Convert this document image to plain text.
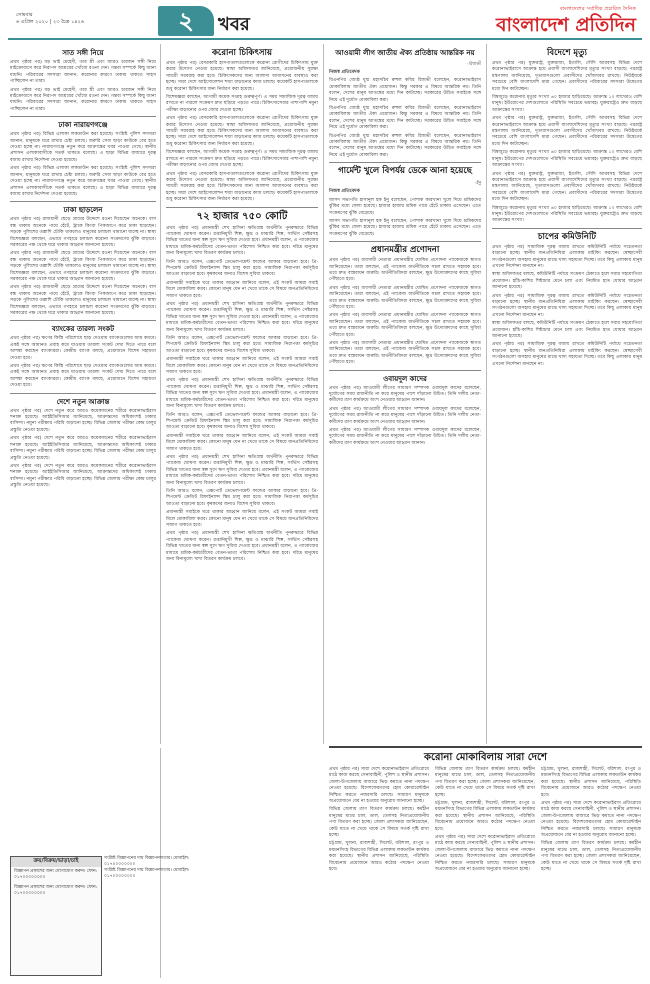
সোমবার
৬ এপ্রিল ২০২০ | ২৩ চৈত্র ১৪২৬	২	খবর
বাংলাদেশের সর্বাধিক প্রচারিত দৈনিক
বাংলাদেশ প্রতিদিন
সাত সঙ্গী নিয়ে

প্রথম পৃষ্ঠার পর) বড় ভাই মেহেদী, তার স্ত্রী এবং আরও চারজন সঙ্গী নিয়ে মাইক্রোবাসে করে নিরাপদ আশ্রয়ের খোঁজে রওনা দেন। গন্তব্য সম্পর্কে কিছু জানা যায়নি। পরিবারের সদস্যরা জানান, করোনার কারণে ঢাকায় থাকতে সাহস পাচ্ছিলেন না তারা।

প্রথম পৃষ্ঠার পর) বড় ভাই মেহেদী, তার স্ত্রী এবং আরও চারজন সঙ্গী নিয়ে মাইক্রোবাসে করে নিরাপদ আশ্রয়ের খোঁজে রওনা দেন। গন্তব্য সম্পর্কে কিছু জানা যায়নি। পরিবারের সদস্যরা জানান, করোনার কারণে ঢাকায় থাকতে সাহস পাচ্ছিলেন না তারা।

ঢাকা নারায়ণগঞ্জে

প্রথম পৃষ্ঠার পর) বিভিন্ন এলাকা লকডাউন করা হয়েছে। সংশ্লিষ্ট পুলিশ সদস্যরা জানান, মানুষকে ঘরে রাখার চেষ্টা চলছে। জরুরি সেবা ছাড়া কাউকে বের হতে দেওয়া হচ্ছে না। নারায়ণগঞ্জে নতুন করে আক্রান্তের খবর পাওয়া গেছে। স্থানীয় প্রশাসন এলাকাবাসীকে সতর্ক থাকতে বলেছে। এ ছাড়া বিভিন্ন বাজারে দূরত্ব বজায় রাখার নির্দেশনা দেওয়া হয়েছে।

প্রথম পৃষ্ঠার পর) বিভিন্ন এলাকা লকডাউন করা হয়েছে। সংশ্লিষ্ট পুলিশ সদস্যরা জানান, মানুষকে ঘরে রাখার চেষ্টা চলছে। জরুরি সেবা ছাড়া কাউকে বের হতে দেওয়া হচ্ছে না। নারায়ণগঞ্জে নতুন করে আক্রান্তের খবর পাওয়া গেছে। স্থানীয় প্রশাসন এলাকাবাসীকে সতর্ক থাকতে বলেছে। এ ছাড়া বিভিন্ন বাজারে দূরত্ব বজায় রাখার নির্দেশনা দেওয়া হয়েছে।

ঢাকা ছাড়লেন

প্রথম পৃষ্ঠার পর) রাজধানী ছেড়ে গ্রামের উদ্দেশে রওনা দিয়েছেন অনেকে। বাস বন্ধ থাকায় অনেকে পায়ে হেঁটে, ট্রাকে কিংবা পিকআপে করে ঢাকা ছাড়ছেন। সড়কে পুলিশের তল্লাশি চৌকি থাকলেও মানুষের চলাচল থামানো যাচ্ছে না। স্বাস্থ্য বিশেষজ্ঞরা বলছেন, এভাবে গণহারে চলাচল করোনা সংক্রমণের ঝুঁকি বাড়াবে। সরকারের পক্ষ থেকে ঘরে থাকার আহ্বান জানানো হয়েছে।

প্রথম পৃষ্ঠার পর) রাজধানী ছেড়ে গ্রামের উদ্দেশে রওনা দিয়েছেন অনেকে। বাস বন্ধ থাকায় অনেকে পায়ে হেঁটে, ট্রাকে কিংবা পিকআপে করে ঢাকা ছাড়ছেন। সড়কে পুলিশের তল্লাশি চৌকি থাকলেও মানুষের চলাচল থামানো যাচ্ছে না। স্বাস্থ্য বিশেষজ্ঞরা বলছেন, এভাবে গণহারে চলাচল করোনা সংক্রমণের ঝুঁকি বাড়াবে। সরকারের পক্ষ থেকে ঘরে থাকার আহ্বান জানানো হয়েছে।

প্রথম পৃষ্ঠার পর) রাজধানী ছেড়ে গ্রামের উদ্দেশে রওনা দিয়েছেন অনেকে। বাস বন্ধ থাকায় অনেকে পায়ে হেঁটে, ট্রাকে কিংবা পিকআপে করে ঢাকা ছাড়ছেন। সড়কে পুলিশের তল্লাশি চৌকি থাকলেও মানুষের চলাচল থামানো যাচ্ছে না। স্বাস্থ্য বিশেষজ্ঞরা বলছেন, এভাবে গণহারে চলাচল করোনা সংক্রমণের ঝুঁকি বাড়াবে। সরকারের পক্ষ থেকে ঘরে থাকার আহ্বান জানানো হয়েছে।

ব্যাংকের তারল্য সংকট

প্রথম পৃষ্ঠার পর) ঋণের কিস্তি পরিশোধে ছাড় দেওয়ায় ব্যাংকগুলোর আয় কমবে। একই সঙ্গে আমানত প্রবাহ কমে যাওয়ায় তারল্য সংকট দেখা দিতে পারে বলে আশঙ্কা করছেন ব্যাংকাররা। কেন্দ্রীয় ব্যাংক বলছে, প্রয়োজনে বিশেষ সহায়তা দেওয়া হবে।

প্রথম পৃষ্ঠার পর) ঋণের কিস্তি পরিশোধে ছাড় দেওয়ায় ব্যাংকগুলোর আয় কমবে। একই সঙ্গে আমানত প্রবাহ কমে যাওয়ায় তারল্য সংকট দেখা দিতে পারে বলে আশঙ্কা করছেন ব্যাংকাররা। কেন্দ্রীয় ব্যাংক বলছে, প্রয়োজনে বিশেষ সহায়তা দেওয়া হবে।

দেশে নতুন আক্রান্ত

প্রথম পৃষ্ঠার পর) দেশে নতুন করে আরও কয়েকজনের শরীরে করোনাভাইরাস শনাক্ত হয়েছে। আইইডিসিআর জানিয়েছে, আক্রান্তদের অধিকাংশই ঢাকার বাসিন্দা। নমুনা পরীক্ষার পরিধি বাড়ানো হচ্ছে। বিভিন্ন জেলায় পরীক্ষা কেন্দ্র চালুর প্রস্তুতি নেওয়া হয়েছে।

প্রথম পৃষ্ঠার পর) দেশে নতুন করে আরও কয়েকজনের শরীরে করোনাভাইরাস শনাক্ত হয়েছে। আইইডিসিআর জানিয়েছে, আক্রান্তদের অধিকাংশই ঢাকার বাসিন্দা। নমুনা পরীক্ষার পরিধি বাড়ানো হচ্ছে। বিভিন্ন জেলায় পরীক্ষা কেন্দ্র চালুর প্রস্তুতি নেওয়া হয়েছে।

প্রথম পৃষ্ঠার পর) দেশে নতুন করে আরও কয়েকজনের শরীরে করোনাভাইরাস শনাক্ত হয়েছে। আইইডিসিআর জানিয়েছে, আক্রান্তদের অধিকাংশই ঢাকার বাসিন্দা। নমুনা পরীক্ষার পরিধি বাড়ানো হচ্ছে। বিভিন্ন জেলায় পরীক্ষা কেন্দ্র চালুর প্রস্তুতি নেওয়া হয়েছে।

ক্রয়/বিক্রয়/ভাড়া/চাই
বিজ্ঞাপন প্রকাশের জন্য যোগাযোগ করুন। ফোন: ০১৭০০০০০০০০
বিজ্ঞাপন প্রকাশের জন্য যোগাযোগ করুন। ফোন: ০১৭০০০০০০০০
সংশ্লিষ্ট বিজ্ঞাপনের দায় বিজ্ঞাপনদাতার। মোবাইল: ০১৭০০০০০০০০
সংশ্লিষ্ট বিজ্ঞাপনের দায় বিজ্ঞাপনদাতার। মোবাইল: ০১৭০০০০০০০০
করোনা চিকিৎসায়

প্রথম পৃষ্ঠার পর) বেসরকারি হাসপাতালগুলোকে করোনা রোগীদের চিকিৎসায় যুক্ত করার উদ্যোগ নেওয়া হয়েছে। স্বাস্থ্য অধিদফতর জানিয়েছে, প্রয়োজনীয় সুরক্ষা সামগ্রী সরবরাহ করা হবে। চিকিৎসকদের জন্য আলাদা আবাসনের ব্যবস্থাও করা হচ্ছে। সারা দেশে আইসোলেশন শয্যা বাড়ানোর কাজ চলছে। কয়েকটি হাসপাতালকে শুধু করোনা চিকিৎসার জন্য নির্ধারণ করা হয়েছে।

বিশেষজ্ঞরা বলছেন, আগামী কয়েক সপ্তাহ গুরুত্বপূর্ণ। এ সময় সামাজিক দূরত্ব বজায় রাখতে না পারলে সংক্রমণ দ্রুত ছড়িয়ে পড়তে পারে। চিকিৎসাসেবার পাশাপাশি নমুনা পরীক্ষা বাড়ানোর ওপর জোর দেওয়া হচ্ছে।

প্রথম পৃষ্ঠার পর) বেসরকারি হাসপাতালগুলোকে করোনা রোগীদের চিকিৎসায় যুক্ত করার উদ্যোগ নেওয়া হয়েছে। স্বাস্থ্য অধিদফতর জানিয়েছে, প্রয়োজনীয় সুরক্ষা সামগ্রী সরবরাহ করা হবে। চিকিৎসকদের জন্য আলাদা আবাসনের ব্যবস্থাও করা হচ্ছে। সারা দেশে আইসোলেশন শয্যা বাড়ানোর কাজ চলছে। কয়েকটি হাসপাতালকে শুধু করোনা চিকিৎসার জন্য নির্ধারণ করা হয়েছে।

বিশেষজ্ঞরা বলছেন, আগামী কয়েক সপ্তাহ গুরুত্বপূর্ণ। এ সময় সামাজিক দূরত্ব বজায় রাখতে না পারলে সংক্রমণ দ্রুত ছড়িয়ে পড়তে পারে। চিকিৎসাসেবার পাশাপাশি নমুনা পরীক্ষা বাড়ানোর ওপর জোর দেওয়া হচ্ছে।

প্রথম পৃষ্ঠার পর) বেসরকারি হাসপাতালগুলোকে করোনা রোগীদের চিকিৎসায় যুক্ত করার উদ্যোগ নেওয়া হয়েছে। স্বাস্থ্য অধিদফতর জানিয়েছে, প্রয়োজনীয় সুরক্ষা সামগ্রী সরবরাহ করা হবে। চিকিৎসকদের জন্য আলাদা আবাসনের ব্যবস্থাও করা হচ্ছে। সারা দেশে আইসোলেশন শয্যা বাড়ানোর কাজ চলছে। কয়েকটি হাসপাতালকে শুধু করোনা চিকিৎসার জন্য নির্ধারণ করা হয়েছে।

৭২ হাজার ৭৫০ কোটি

প্রথম পৃষ্ঠার পর) প্রধানমন্ত্রী শেখ হাসিনা ক্ষতিগ্রস্ত অর্থনীতি পুনরুদ্ধারে বিভিন্ন প্যাকেজ ঘোষণা করেন। রপ্তানিমুখী শিল্প, ক্ষুদ্র ও মাঝারি শিল্প, সার্ভিস সেক্টরসহ বিভিন্ন খাতের জন্য স্বল্প সুদে ঋণ সুবিধা দেওয়া হবে। প্রধানমন্ত্রী বলেন, এ প্যাকেজের মাধ্যমে শ্রমিক-কর্মচারীদের বেতন-ভাতা পরিশোধ নিশ্চিত করা হবে। দরিদ্র মানুষের জন্য বিনামূল্যে খাদ্য বিতরণ কার্যক্রম চলবে।

তিনি আরও বলেন, এক্সপোর্ট ডেভেলপমেন্ট ফান্ডের আকার বাড়ানো হবে। প্রি-শিপমেন্ট ক্রেডিট রিফাইন্যান্স স্কিম চালু করা হবে। সামাজিক নিরাপত্তা কর্মসূচির আওতা বাড়ানো হবে। কৃষকদের জন্যও বিশেষ সুবিধা থাকবে।

প্রধানমন্ত্রী সবাইকে ঘরে থাকার আহ্বান জানিয়ে বলেন, এই সংকট আমরা সবাই মিলে মোকাবিলা করব। কোনো মানুষ যেন না খেয়ে থাকে সে বিষয়ে জনপ্রতিনিধিদের সজাগ থাকতে হবে।

প্রথম পৃষ্ঠার পর) প্রধানমন্ত্রী শেখ হাসিনা ক্ষতিগ্রস্ত অর্থনীতি পুনরুদ্ধারে বিভিন্ন প্যাকেজ ঘোষণা করেন। রপ্তানিমুখী শিল্প, ক্ষুদ্র ও মাঝারি শিল্প, সার্ভিস সেক্টরসহ বিভিন্ন খাতের জন্য স্বল্প সুদে ঋণ সুবিধা দেওয়া হবে। প্রধানমন্ত্রী বলেন, এ প্যাকেজের মাধ্যমে শ্রমিক-কর্মচারীদের বেতন-ভাতা পরিশোধ নিশ্চিত করা হবে। দরিদ্র মানুষের জন্য বিনামূল্যে খাদ্য বিতরণ কার্যক্রম চলবে।

তিনি আরও বলেন, এক্সপোর্ট ডেভেলপমেন্ট ফান্ডের আকার বাড়ানো হবে। প্রি-শিপমেন্ট ক্রেডিট রিফাইন্যান্স স্কিম চালু করা হবে। সামাজিক নিরাপত্তা কর্মসূচির আওতা বাড়ানো হবে। কৃষকদের জন্যও বিশেষ সুবিধা থাকবে।

প্রধানমন্ত্রী সবাইকে ঘরে থাকার আহ্বান জানিয়ে বলেন, এই সংকট আমরা সবাই মিলে মোকাবিলা করব। কোনো মানুষ যেন না খেয়ে থাকে সে বিষয়ে জনপ্রতিনিধিদের সজাগ থাকতে হবে।

প্রথম পৃষ্ঠার পর) প্রধানমন্ত্রী শেখ হাসিনা ক্ষতিগ্রস্ত অর্থনীতি পুনরুদ্ধারে বিভিন্ন প্যাকেজ ঘোষণা করেন। রপ্তানিমুখী শিল্প, ক্ষুদ্র ও মাঝারি শিল্প, সার্ভিস সেক্টরসহ বিভিন্ন খাতের জন্য স্বল্প সুদে ঋণ সুবিধা দেওয়া হবে। প্রধানমন্ত্রী বলেন, এ প্যাকেজের মাধ্যমে শ্রমিক-কর্মচারীদের বেতন-ভাতা পরিশোধ নিশ্চিত করা হবে। দরিদ্র মানুষের জন্য বিনামূল্যে খাদ্য বিতরণ কার্যক্রম চলবে।

তিনি আরও বলেন, এক্সপোর্ট ডেভেলপমেন্ট ফান্ডের আকার বাড়ানো হবে। প্রি-শিপমেন্ট ক্রেডিট রিফাইন্যান্স স্কিম চালু করা হবে। সামাজিক নিরাপত্তা কর্মসূচির আওতা বাড়ানো হবে। কৃষকদের জন্যও বিশেষ সুবিধা থাকবে।

প্রধানমন্ত্রী সবাইকে ঘরে থাকার আহ্বান জানিয়ে বলেন, এই সংকট আমরা সবাই মিলে মোকাবিলা করব। কোনো মানুষ যেন না খেয়ে থাকে সে বিষয়ে জনপ্রতিনিধিদের সজাগ থাকতে হবে।

প্রথম পৃষ্ঠার পর) প্রধানমন্ত্রী শেখ হাসিনা ক্ষতিগ্রস্ত অর্থনীতি পুনরুদ্ধারে বিভিন্ন প্যাকেজ ঘোষণা করেন। রপ্তানিমুখী শিল্প, ক্ষুদ্র ও মাঝারি শিল্প, সার্ভিস সেক্টরসহ বিভিন্ন খাতের জন্য স্বল্প সুদে ঋণ সুবিধা দেওয়া হবে। প্রধানমন্ত্রী বলেন, এ প্যাকেজের মাধ্যমে শ্রমিক-কর্মচারীদের বেতন-ভাতা পরিশোধ নিশ্চিত করা হবে। দরিদ্র মানুষের জন্য বিনামূল্যে খাদ্য বিতরণ কার্যক্রম চলবে।

তিনি আরও বলেন, এক্সপোর্ট ডেভেলপমেন্ট ফান্ডের আকার বাড়ানো হবে। প্রি-শিপমেন্ট ক্রেডিট রিফাইন্যান্স স্কিম চালু করা হবে। সামাজিক নিরাপত্তা কর্মসূচির আওতা বাড়ানো হবে। কৃষকদের জন্যও বিশেষ সুবিধা থাকবে।

প্রধানমন্ত্রী সবাইকে ঘরে থাকার আহ্বান জানিয়ে বলেন, এই সংকট আমরা সবাই মিলে মোকাবিলা করব। কোনো মানুষ যেন না খেয়ে থাকে সে বিষয়ে জনপ্রতিনিধিদের সজাগ থাকতে হবে।

প্রথম পৃষ্ঠার পর) প্রধানমন্ত্রী শেখ হাসিনা ক্ষতিগ্রস্ত অর্থনীতি পুনরুদ্ধারে বিভিন্ন প্যাকেজ ঘোষণা করেন। রপ্তানিমুখী শিল্প, ক্ষুদ্র ও মাঝারি শিল্প, সার্ভিস সেক্টরসহ বিভিন্ন খাতের জন্য স্বল্প সুদে ঋণ সুবিধা দেওয়া হবে। প্রধানমন্ত্রী বলেন, এ প্যাকেজের মাধ্যমে শ্রমিক-কর্মচারীদের বেতন-ভাতা পরিশোধ নিশ্চিত করা হবে। দরিদ্র মানুষের জন্য বিনামূল্যে খাদ্য বিতরণ কার্যক্রম চলবে।

আওয়ামী লীগ জাতীয় ঐক্য প্রতিষ্ঠায় আন্তরিক নয়
-রিজভী
নিজস্ব প্রতিবেদক

বিএনপির জ্যেষ্ঠ যুগ্ম মহাসচিব রুহুল কবির রিজভী বলেছেন, করোনাভাইরাস মোকাবিলায় জাতীয় ঐক্য প্রয়োজন। কিন্তু সরকার এ বিষয়ে আন্তরিক নয়। তিনি বলেন, দেশের মানুষ আতঙ্কের মধ্যে দিন কাটাচ্ছে। সরকারের উচিত সবাইকে সঙ্গে নিয়ে এই দুর্যোগ মোকাবিলা করা।

বিএনপির জ্যেষ্ঠ যুগ্ম মহাসচিব রুহুল কবির রিজভী বলেছেন, করোনাভাইরাস মোকাবিলায় জাতীয় ঐক্য প্রয়োজন। কিন্তু সরকার এ বিষয়ে আন্তরিক নয়। তিনি বলেন, দেশের মানুষ আতঙ্কের মধ্যে দিন কাটাচ্ছে। সরকারের উচিত সবাইকে সঙ্গে নিয়ে এই দুর্যোগ মোকাবিলা করা।

বিএনপির জ্যেষ্ঠ যুগ্ম মহাসচিব রুহুল কবির রিজভী বলেছেন, করোনাভাইরাস মোকাবিলায় জাতীয় ঐক্য প্রয়োজন। কিন্তু সরকার এ বিষয়ে আন্তরিক নয়। তিনি বলেন, দেশের মানুষ আতঙ্কের মধ্যে দিন কাটাচ্ছে। সরকারের উচিত সবাইকে সঙ্গে নিয়ে এই দুর্যোগ মোকাবিলা করা।

গার্মেন্ট খুলে বিপর্যয় ডেকে আনা হয়েছে
-ইনু
নিজস্ব প্রতিবেদক

জাসদ সভাপতি হাসানুল হক ইনু বলেছেন, পোশাক কারখানা খুলে দিয়ে শ্রমিকদের ঝুঁকির মধ্যে ফেলা হয়েছে। হাজার হাজার শ্রমিক পায়ে হেঁটে ঢাকায় এসেছেন। এতে সংক্রমণের ঝুঁকি বেড়েছে।

জাসদ সভাপতি হাসানুল হক ইনু বলেছেন, পোশাক কারখানা খুলে দিয়ে শ্রমিকদের ঝুঁকির মধ্যে ফেলা হয়েছে। হাজার হাজার শ্রমিক পায়ে হেঁটে ঢাকায় এসেছেন। এতে সংক্রমণের ঝুঁকি বেড়েছে।

প্রধানমন্ত্রীর প্রণোদনা

প্রথম পৃষ্ঠার পর) ব্যবসায়ী নেতারা প্রধানমন্ত্রীর ঘোষিত প্রণোদনা প্যাকেজকে স্বাগত জানিয়েছেন। তারা বলছেন, এই প্যাকেজ অর্থনীতিকে সচল রাখতে সহায়ক হবে। তবে দ্রুত বাস্তবায়ন জরুরি। অর্থনীতিবিদরা বলছেন, ক্ষুদ্র উদ্যোক্তাদের কাছে সুবিধা পৌঁছাতে হবে।

প্রথম পৃষ্ঠার পর) ব্যবসায়ী নেতারা প্রধানমন্ত্রীর ঘোষিত প্রণোদনা প্যাকেজকে স্বাগত জানিয়েছেন। তারা বলছেন, এই প্যাকেজ অর্থনীতিকে সচল রাখতে সহায়ক হবে। তবে দ্রুত বাস্তবায়ন জরুরি। অর্থনীতিবিদরা বলছেন, ক্ষুদ্র উদ্যোক্তাদের কাছে সুবিধা পৌঁছাতে হবে।

প্রথম পৃষ্ঠার পর) ব্যবসায়ী নেতারা প্রধানমন্ত্রীর ঘোষিত প্রণোদনা প্যাকেজকে স্বাগত জানিয়েছেন। তারা বলছেন, এই প্যাকেজ অর্থনীতিকে সচল রাখতে সহায়ক হবে। তবে দ্রুত বাস্তবায়ন জরুরি। অর্থনীতিবিদরা বলছেন, ক্ষুদ্র উদ্যোক্তাদের কাছে সুবিধা পৌঁছাতে হবে।

প্রথম পৃষ্ঠার পর) ব্যবসায়ী নেতারা প্রধানমন্ত্রীর ঘোষিত প্রণোদনা প্যাকেজকে স্বাগত জানিয়েছেন। তারা বলছেন, এই প্যাকেজ অর্থনীতিকে সচল রাখতে সহায়ক হবে। তবে দ্রুত বাস্তবায়ন জরুরি। অর্থনীতিবিদরা বলছেন, ক্ষুদ্র উদ্যোক্তাদের কাছে সুবিধা পৌঁছাতে হবে।

ওবায়দুল কাদের

প্রথম পৃষ্ঠার পর) আওয়ামী লীগের সাধারণ সম্পাদক ওবায়দুল কাদের বলেছেন, দুর্যোগের সময় রাজনীতি না করে মানুষের পাশে দাঁড়ানো উচিত। তিনি দলীয় নেতা-কর্মীদের ত্রাণ কার্যক্রমে অংশ নেওয়ার আহ্বান জানান।

প্রথম পৃষ্ঠার পর) আওয়ামী লীগের সাধারণ সম্পাদক ওবায়দুল কাদের বলেছেন, দুর্যোগের সময় রাজনীতি না করে মানুষের পাশে দাঁড়ানো উচিত। তিনি দলীয় নেতা-কর্মীদের ত্রাণ কার্যক্রমে অংশ নেওয়ার আহ্বান জানান।

প্রথম পৃষ্ঠার পর) আওয়ামী লীগের সাধারণ সম্পাদক ওবায়দুল কাদের বলেছেন, দুর্যোগের সময় রাজনীতি না করে মানুষের পাশে দাঁড়ানো উচিত। তিনি দলীয় নেতা-কর্মীদের ত্রাণ কার্যক্রমে অংশ নেওয়ার আহ্বান জানান।

বিদেশে মৃত্যু

প্রথম পৃষ্ঠার পর) যুক্তরাষ্ট্র, যুক্তরাজ্য, ইতালি, সৌদি আরবসহ বিভিন্ন দেশে করোনাভাইরাসে আক্রান্ত হয়ে প্রবাসী বাংলাদেশিদের মৃত্যুর সংখ্যা বাড়ছে। পররাষ্ট্র মন্ত্রণালয় জানিয়েছে, দূতাবাসগুলো প্রবাসীদের খোঁজখবর রাখছে। নিউইয়র্কে সবচেয়ে বেশি বাংলাদেশি মারা গেছেন। প্রবাসীদের পরিবারের সদস্যরা উদ্বেগের মধ্যে দিন কাটাচ্ছেন।

বিশ্বজুড়ে করোনায় মৃত্যুর সংখ্যা ৬০ হাজার ছাড়িয়েছে। আক্রান্ত ১০ লাখেরও বেশি মানুষ। ইউরোপের দেশগুলোতে পরিস্থিতি সবচেয়ে ভয়াবহ। যুক্তরাষ্ট্রেও দ্রুত বাড়ছে আক্রান্তের সংখ্যা।

প্রথম পৃষ্ঠার পর) যুক্তরাষ্ট্র, যুক্তরাজ্য, ইতালি, সৌদি আরবসহ বিভিন্ন দেশে করোনাভাইরাসে আক্রান্ত হয়ে প্রবাসী বাংলাদেশিদের মৃত্যুর সংখ্যা বাড়ছে। পররাষ্ট্র মন্ত্রণালয় জানিয়েছে, দূতাবাসগুলো প্রবাসীদের খোঁজখবর রাখছে। নিউইয়র্কে সবচেয়ে বেশি বাংলাদেশি মারা গেছেন। প্রবাসীদের পরিবারের সদস্যরা উদ্বেগের মধ্যে দিন কাটাচ্ছেন।

বিশ্বজুড়ে করোনায় মৃত্যুর সংখ্যা ৬০ হাজার ছাড়িয়েছে। আক্রান্ত ১০ লাখেরও বেশি মানুষ। ইউরোপের দেশগুলোতে পরিস্থিতি সবচেয়ে ভয়াবহ। যুক্তরাষ্ট্রেও দ্রুত বাড়ছে আক্রান্তের সংখ্যা।

প্রথম পৃষ্ঠার পর) যুক্তরাষ্ট্র, যুক্তরাজ্য, ইতালি, সৌদি আরবসহ বিভিন্ন দেশে করোনাভাইরাসে আক্রান্ত হয়ে প্রবাসী বাংলাদেশিদের মৃত্যুর সংখ্যা বাড়ছে। পররাষ্ট্র মন্ত্রণালয় জানিয়েছে, দূতাবাসগুলো প্রবাসীদের খোঁজখবর রাখছে। নিউইয়র্কে সবচেয়ে বেশি বাংলাদেশি মারা গেছেন। প্রবাসীদের পরিবারের সদস্যরা উদ্বেগের মধ্যে দিন কাটাচ্ছেন।

বিশ্বজুড়ে করোনায় মৃত্যুর সংখ্যা ৬০ হাজার ছাড়িয়েছে। আক্রান্ত ১০ লাখেরও বেশি মানুষ। ইউরোপের দেশগুলোতে পরিস্থিতি সবচেয়ে ভয়াবহ। যুক্তরাষ্ট্রেও দ্রুত বাড়ছে আক্রান্তের সংখ্যা।

চাপের কমিউনিটি

প্রথম পৃষ্ঠার পর) সামাজিক দূরত্ব বজায় রাখতে কমিউনিটি পর্যায়ে সচেতনতা বাড়ানো হচ্ছে। স্থানীয় জনপ্রতিনিধিরা এলাকায় মাইকিং করছেন। স্বেচ্ছাসেবী সংগঠনগুলো অসহায় মানুষের মাঝে খাদ্য সহায়তা দিচ্ছে। তবে কিছু এলাকায় মানুষ এখনো নির্দেশনা মানছেন না।

স্বাস্থ্য অধিদফতর বলছে, কমিউনিটি পর্যায়ে সংক্রমণ ঠেকাতে হলে সবার সহযোগিতা প্রয়োজন। হাঁচি-কাশির শিষ্টাচার মেনে চলা এবং নিয়মিত হাত ধোয়ার আহ্বান জানানো হয়েছে।

প্রথম পৃষ্ঠার পর) সামাজিক দূরত্ব বজায় রাখতে কমিউনিটি পর্যায়ে সচেতনতা বাড়ানো হচ্ছে। স্থানীয় জনপ্রতিনিধিরা এলাকায় মাইকিং করছেন। স্বেচ্ছাসেবী সংগঠনগুলো অসহায় মানুষের মাঝে খাদ্য সহায়তা দিচ্ছে। তবে কিছু এলাকায় মানুষ এখনো নির্দেশনা মানছেন না।

স্বাস্থ্য অধিদফতর বলছে, কমিউনিটি পর্যায়ে সংক্রমণ ঠেকাতে হলে সবার সহযোগিতা প্রয়োজন। হাঁচি-কাশির শিষ্টাচার মেনে চলা এবং নিয়মিত হাত ধোয়ার আহ্বান জানানো হয়েছে।

প্রথম পৃষ্ঠার পর) সামাজিক দূরত্ব বজায় রাখতে কমিউনিটি পর্যায়ে সচেতনতা বাড়ানো হচ্ছে। স্থানীয় জনপ্রতিনিধিরা এলাকায় মাইকিং করছেন। স্বেচ্ছাসেবী সংগঠনগুলো অসহায় মানুষের মাঝে খাদ্য সহায়তা দিচ্ছে। তবে কিছু এলাকায় মানুষ এখনো নির্দেশনা মানছেন না।

করোনা মোকাবিলায় সারা দেশে

প্রথম পৃষ্ঠার পর) সারা দেশে করোনাভাইরাস প্রতিরোধে মাঠে কাজ করছে সেনাবাহিনী, পুলিশ ও স্থানীয় প্রশাসন। জেলা-উপজেলায় বাজারে ভিড় কমাতে নানা পদক্ষেপ নেওয়া হয়েছে। বিদেশফেরতদের হোম কোয়ারেন্টাইন নিশ্চিত করতে নজরদারি চলছে। সাধারণ মানুষকে অপ্রয়োজনে বের না হওয়ার অনুরোধ জানানো হচ্ছে।

বিভিন্ন জেলায় ত্রাণ বিতরণ কার্যক্রম চলছে। কর্মহীন মানুষের মাঝে চাল, ডাল, তেলসহ নিত্যপ্রয়োজনীয় পণ্য বিতরণ করা হচ্ছে। জেলা প্রশাসকরা জানিয়েছেন, কেউ যাতে না খেয়ে থাকে সে বিষয়ে সতর্ক দৃষ্টি রাখা হচ্ছে।

চট্টগ্রাম, খুলনা, রাজশাহী, সিলেট, বরিশাল, রংপুর ও ময়মনসিংহ বিভাগের বিভিন্ন এলাকায় লকডাউন কার্যকর করা হয়েছে। স্থানীয় প্রশাসন জানিয়েছে, পরিস্থিতি বিবেচনায় প্রয়োজনে আরও কঠোর পদক্ষেপ নেওয়া হবে।

বিভিন্ন জেলায় ত্রাণ বিতরণ কার্যক্রম চলছে। কর্মহীন মানুষের মাঝে চাল, ডাল, তেলসহ নিত্যপ্রয়োজনীয় পণ্য বিতরণ করা হচ্ছে। জেলা প্রশাসকরা জানিয়েছেন, কেউ যাতে না খেয়ে থাকে সে বিষয়ে সতর্ক দৃষ্টি রাখা হচ্ছে।

চট্টগ্রাম, খুলনা, রাজশাহী, সিলেট, বরিশাল, রংপুর ও ময়মনসিংহ বিভাগের বিভিন্ন এলাকায় লকডাউন কার্যকর করা হয়েছে। স্থানীয় প্রশাসন জানিয়েছে, পরিস্থিতি বিবেচনায় প্রয়োজনে আরও কঠোর পদক্ষেপ নেওয়া হবে।

প্রথম পৃষ্ঠার পর) সারা দেশে করোনাভাইরাস প্রতিরোধে মাঠে কাজ করছে সেনাবাহিনী, পুলিশ ও স্থানীয় প্রশাসন। জেলা-উপজেলায় বাজারে ভিড় কমাতে নানা পদক্ষেপ নেওয়া হয়েছে। বিদেশফেরতদের হোম কোয়ারেন্টাইন নিশ্চিত করতে নজরদারি চলছে। সাধারণ মানুষকে অপ্রয়োজনে বের না হওয়ার অনুরোধ জানানো হচ্ছে।

চট্টগ্রাম, খুলনা, রাজশাহী, সিলেট, বরিশাল, রংপুর ও ময়মনসিংহ বিভাগের বিভিন্ন এলাকায় লকডাউন কার্যকর করা হয়েছে। স্থানীয় প্রশাসন জানিয়েছে, পরিস্থিতি বিবেচনায় প্রয়োজনে আরও কঠোর পদক্ষেপ নেওয়া হবে।

প্রথম পৃষ্ঠার পর) সারা দেশে করোনাভাইরাস প্রতিরোধে মাঠে কাজ করছে সেনাবাহিনী, পুলিশ ও স্থানীয় প্রশাসন। জেলা-উপজেলায় বাজারে ভিড় কমাতে নানা পদক্ষেপ নেওয়া হয়েছে। বিদেশফেরতদের হোম কোয়ারেন্টাইন নিশ্চিত করতে নজরদারি চলছে। সাধারণ মানুষকে অপ্রয়োজনে বের না হওয়ার অনুরোধ জানানো হচ্ছে।

বিভিন্ন জেলায় ত্রাণ বিতরণ কার্যক্রম চলছে। কর্মহীন মানুষের মাঝে চাল, ডাল, তেলসহ নিত্যপ্রয়োজনীয় পণ্য বিতরণ করা হচ্ছে। জেলা প্রশাসকরা জানিয়েছেন, কেউ যাতে না খেয়ে থাকে সে বিষয়ে সতর্ক দৃষ্টি রাখা হচ্ছে।
